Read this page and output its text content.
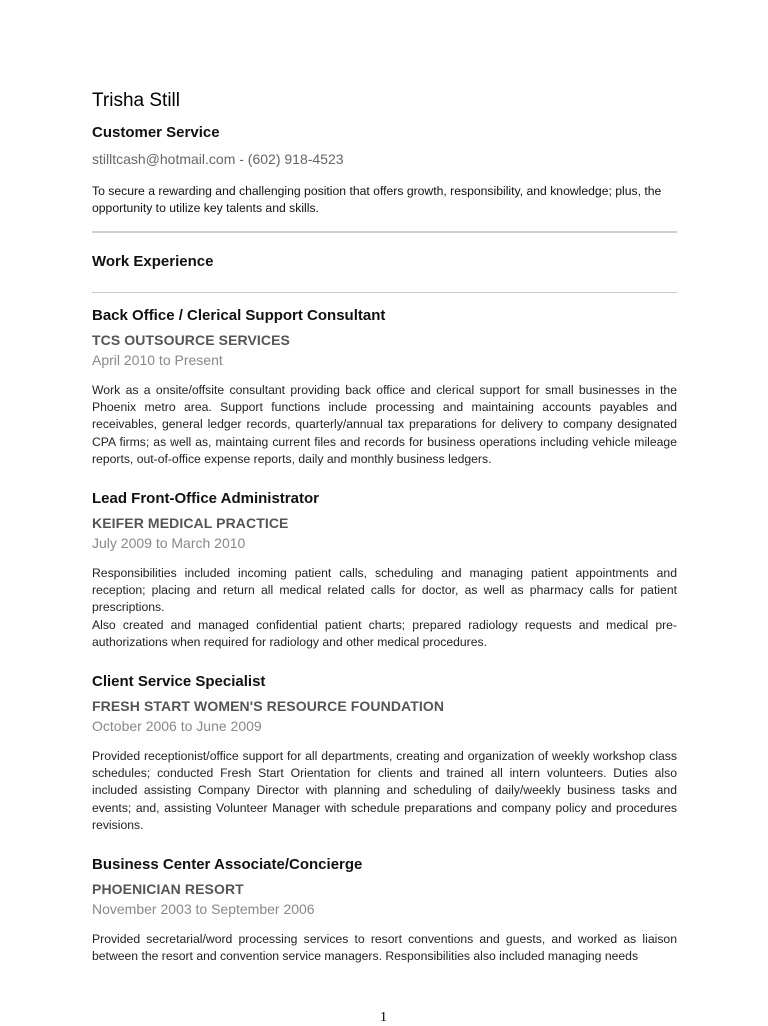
Trisha Still
Customer Service
stilltcash@hotmail.com - (602) 918-4523
To secure a rewarding and challenging position that offers growth, responsibility, and knowledge; plus, the opportunity to utilize key talents and skills.
Work Experience
Back Office / Clerical Support Consultant
TCS OUTSOURCE SERVICES
April 2010 to Present

Work as a onsite/offsite consultant providing back office and clerical support for small businesses in the Phoenix metro area. Support functions include processing and maintaining accounts payables and receivables, general ledger records, quarterly/annual tax preparations for delivery to company designated CPA firms; as well as, maintaing current files and records for business operations including vehicle mileage reports, out-of-office expense reports, daily and monthly business ledgers.

Lead Front-Office Administrator
KEIFER MEDICAL PRACTICE
July 2009 to March 2010

Responsibilities included incoming patient calls, scheduling and managing patient appointments and reception; placing and return all medical related calls for doctor, as well as pharmacy calls for patient prescriptions.

Also created and managed confidential patient charts; prepared radiology requests and medical pre-authorizations when required for radiology and other medical procedures.

Client Service Specialist
FRESH START WOMEN'S RESOURCE FOUNDATION
October 2006 to June 2009

Provided receptionist/office support for all departments, creating and organization of weekly workshop class schedules; conducted Fresh Start Orientation for clients and trained all intern volunteers. Duties also included assisting Company Director with planning and scheduling of daily/weekly business tasks and events; and, assisting Volunteer Manager with schedule preparations and company policy and procedures revisions.

Business Center Associate/Concierge
PHOENICIAN RESORT
November 2003 to September 2006

Provided secretarial/word processing services to resort conventions and guests, and worked as liaison between the resort and convention service managers. Responsibilities also included managing needs

1
